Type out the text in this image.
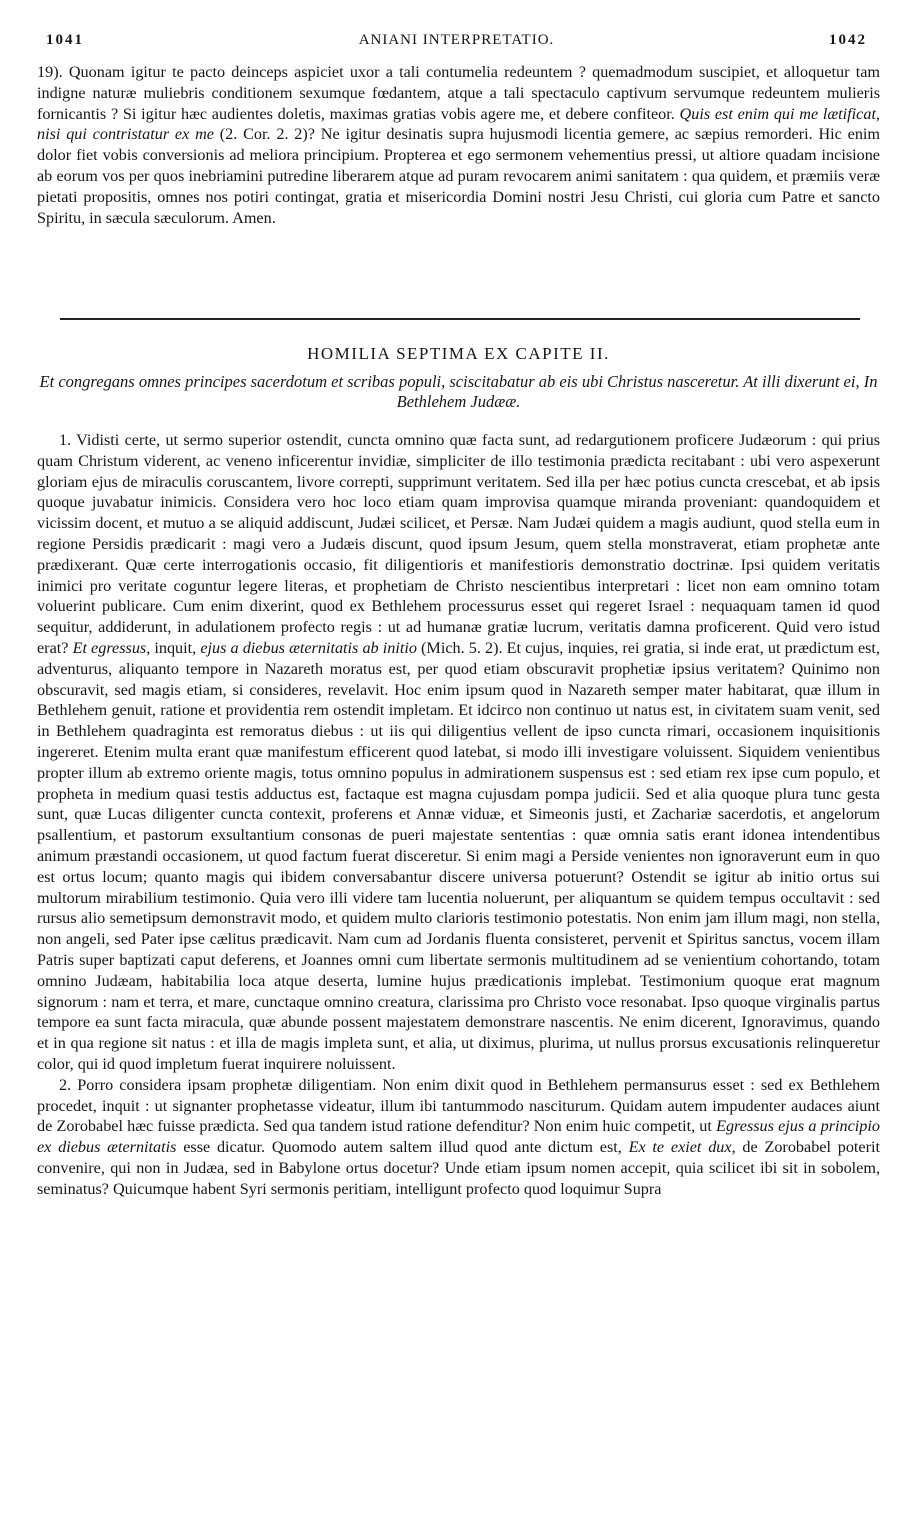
1041	ANIANI INTERPRETATIO.	1042

19). Quonam igitur te pacto deinceps aspiciet uxor a tali contumelia redeuntem ? quemadmodum suscipiet, et alloquetur tam indigne naturæ muliebris conditionem sexumque fœdantem, atque a tali spectaculo captivum servumque redeuntem mulieris fornicantis ? Si igitur hæc audientes doletis, maximas gratias vobis agere me, et debere confiteor. Quis est enim qui me lætificat, nisi qui contristatur ex me (2. Cor. 2. 2)? Ne igitur desinatis supra hujusmodi licentia gemere, ac sæpius remorderi. Hic enim dolor fiet vobis conversionis ad meliora principium. Propterea et ego sermonem vehementius pressi, ut altiore quadam incisione ab eorum vos per quos inebriamini putredine liberarem atque ad puram revocarem animi sanitatem : qua quidem, et præmiis veræ pietati propositis, omnes nos potiri contingat, gratia et misericordia Domini nostri Jesu Christi, cui gloria cum Patre et sancto Spiritu, in sæcula sæculorum. Amen.

HOMILIA SEPTIMA EX CAPITE II.
Et congregans omnes principes sacerdotum et scribas populi, sciscitabatur ab eis ubi Christus nasceretur. At illi dixerunt ei, In Bethlehem Judææ.

1. Vidisti certe, ut sermo superior ostendit, cuncta omnino quæ facta sunt, ad redargutionem proficere Judæorum : qui prius quam Christum viderent, ac veneno inficerentur invidiæ, simpliciter de illo testimonia prædicta recitabant : ubi vero aspexerunt gloriam ejus de miraculis coruscantem, livore correpti, supprimunt veritatem. Sed illa per hæc potius cuncta crescebat, et ab ipsis quoque juvabatur inimicis. Considera vero hoc loco etiam quam improvisa quamque miranda proveniant: quandoquidem et vicissim docent, et mutuo a se aliquid addiscunt, Judæi scilicet, et Persæ. Nam Judæi quidem a magis audiunt, quod stella eum in regione Persidis prædicarit : magi vero a Judæis discunt, quod ipsum Jesum, quem stella monstraverat, etiam prophetæ ante prædixerant. Quæ certe interrogationis occasio, fit diligentioris et manifestioris demonstratio doctrinæ. Ipsi quidem veritatis inimici pro veritate coguntur legere literas, et prophetiam de Christo nescientibus interpretari : licet non eam omnino totam voluerint publicare. Cum enim dixerint, quod ex Bethlehem processurus esset qui regeret Israel : nequaquam tamen id quod sequitur, addiderunt, in adulationem profecto regis : ut ad humanæ gratiæ lucrum, veritatis damna proficerent. Quid vero istud erat? Et egressus, inquit, ejus a diebus æternitatis ab initio (Mich. 5. 2). Et cujus, inquies, rei gratia, si inde erat, ut prædictum est, adventurus, aliquanto tempore in Nazareth moratus est, per quod etiam obscuravit prophetiæ ipsius veritatem? Quinimo non obscuravit, sed magis etiam, si consideres, revelavit. Hoc enim ipsum quod in Nazareth semper mater habitarat, quæ illum in Bethlehem genuit, ratione et providentia rem ostendit impletam. Et idcirco non continuo ut natus est, in civitatem suam venit, sed in Bethlehem quadraginta est remoratus diebus : ut iis qui diligentius vellent de ipso cuncta rimari, occasionem inquisitionis ingereret. Etenim multa erant quæ manifestum efficerent quod latebat, si modo illi investigare voluissent. Siquidem venientibus propter illum ab extremo oriente magis, totus omnino populus in admirationem suspensus est : sed etiam rex ipse cum populo, et propheta in medium quasi testis adductus est, factaque est magna cujusdam pompa judicii. Sed et alia quoque plura tunc gesta sunt, quæ Lucas diligenter cuncta contexit, proferens et Annæ viduæ, et Simeonis justi, et Zachariæ sacerdotis, et angelorum psallentium, et pastorum exsultantium consonas de pueri majestate sententias : quæ omnia satis erant idonea intendentibus animum præstandi occasionem, ut quod factum fuerat disceretur. Si enim magi a Perside venientes non ignoraverunt eum in quo est ortus locum; quanto magis qui ibidem conversabantur discere universa potuerunt? Ostendit se igitur ab initio ortus sui multorum mirabilium testimonio. Quia vero illi videre tam lucentia noluerunt, per aliquantum se quidem tempus occultavit : sed rursus alio semetipsum demonstravit modo, et quidem multo clarioris testimonio potestatis. Non enim jam illum magi, non stella, non angeli, sed Pater ipse cælitus prædicavit. Nam cum ad Jordanis fluenta consisteret, pervenit et Spiritus sanctus, vocem illam Patris super baptizati caput deferens, et Joannes omni cum libertate sermonis multitudinem ad se venientium cohortando, totam omnino Judæam, habitabilia loca atque deserta, lumine hujus prædicationis implebat. Testimonium quoque erat magnum signorum : nam et terra, et mare, cunctaque omnino creatura, clarissima pro Christo voce resonabat. Ipso quoque virginalis partus tempore ea sunt facta miracula, quæ abunde possent majestatem demonstrare nascentis. Ne enim dicerent, Ignoravimus, quando et in qua regione sit natus : et illa de magis impleta sunt, et alia, ut diximus, plurima, ut nullus prorsus excusationis relinqueretur color, qui id quod impletum fuerat inquirere noluissent.

2. Porro considera ipsam prophetæ diligentiam. Non enim dixit quod in Bethlehem permansurus esset : sed ex Bethlehem procedet, inquit : ut signanter prophetasse videatur, illum ibi tantummodo nasciturum. Quidam autem impudenter audaces aiunt de Zorobabel hæc fuisse prædicta. Sed qua tandem istud ratione defenditur? Non enim huic competit, ut Egressus ejus a principio ex diebus æternitatis esse dicatur. Quomodo autem saltem illud quod ante dictum est, Ex te exiet dux, de Zorobabel poterit convenire, qui non in Judæa, sed in Babylone ortus docetur? Unde etiam ipsum nomen accepit, quia scilicet ibi sit in sobolem, seminatus? Quicumque habent Syri sermonis peritiam, intelligunt profecto quod loquimur Supra
